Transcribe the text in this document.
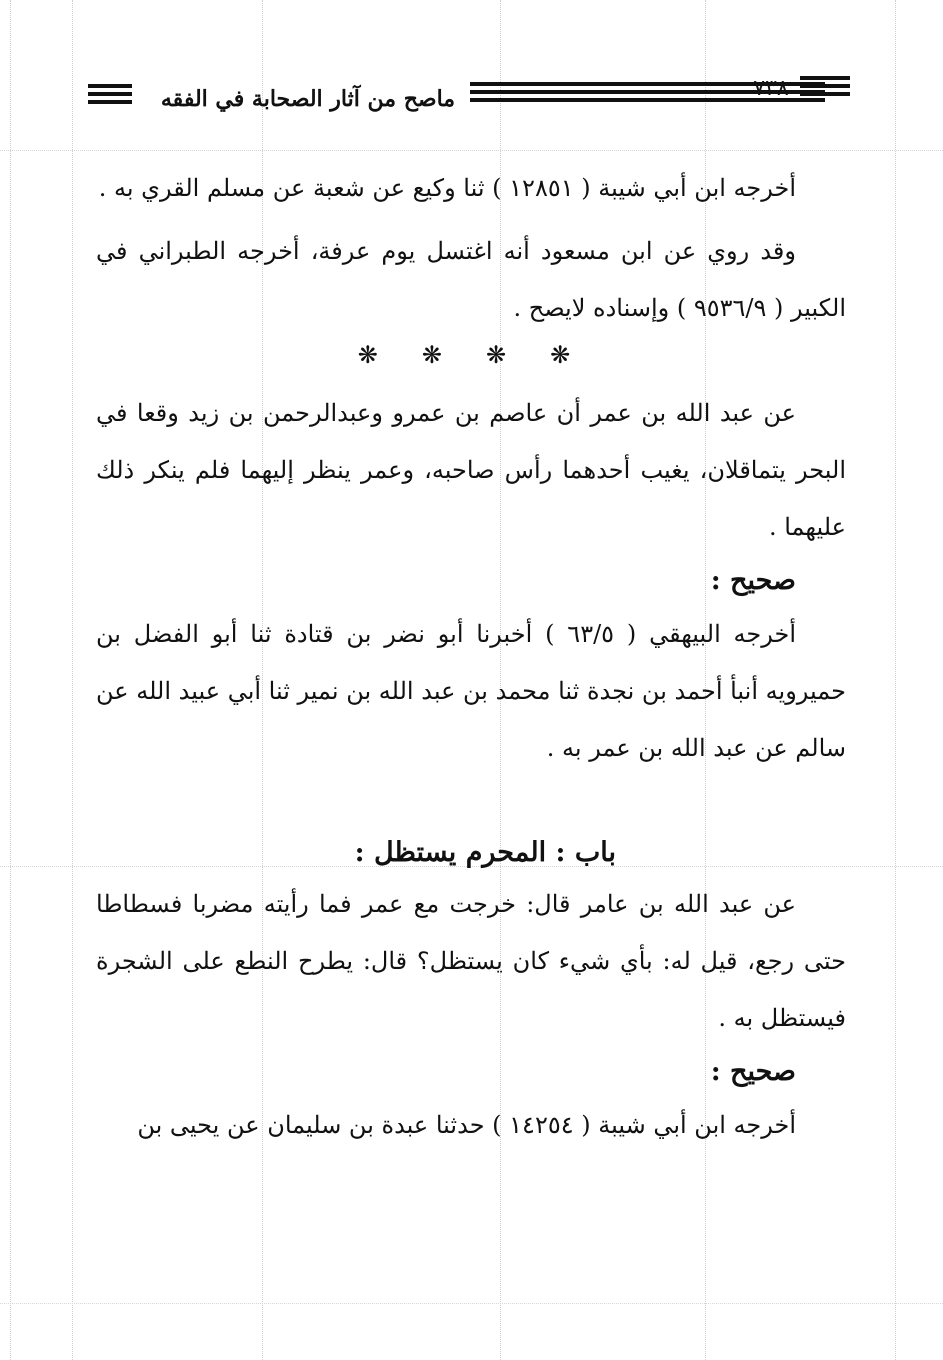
ماصح من آثار الصحابة في الفقه	٧٣٨

أخرجه ابن أبي شيبة ( ١٢٨٥١ ) ثنا وكيع عن شعبة عن مسلم القري به .

وقد روي عن ابن مسعود أنه اغتسل يوم عرفة، أخرجه الطبراني في الكبير ( ٩٥٣٦/٩ ) وإسناده لايصح .

❋❋❋❋

عن عبد الله بن عمر أن عاصم بن عمرو وعبدالرحمن بن زيد وقعا في البحر يتماقلان، يغيب أحدهما رأس صاحبه، وعمر ينظر إليهما فلم ينكر ذلك عليهما .

صحيح :

أخرجه البيهقي ( ٦٣/٥ ) أخبرنا أبو نضر بن قتادة ثنا أبو الفضل بن حميرويه أنبأ أحمد بن نجدة ثنا محمد بن عبد الله بن نمير ثنا أبي عبيد الله عن سالم عن عبد الله بن عمر به .

باب : المحرم يستظل :

عن عبد الله بن عامر قال: خرجت مع عمر فما رأيته مضربا فسطاطا حتى رجع، قيل له: بأي شيء كان يستظل؟ قال: يطرح النطع على الشجرة فيستظل به .

صحيح :

أخرجه ابن أبي شيبة ( ١٤٢٥٤ ) حدثنا عبدة بن سليمان عن يحيى بن
